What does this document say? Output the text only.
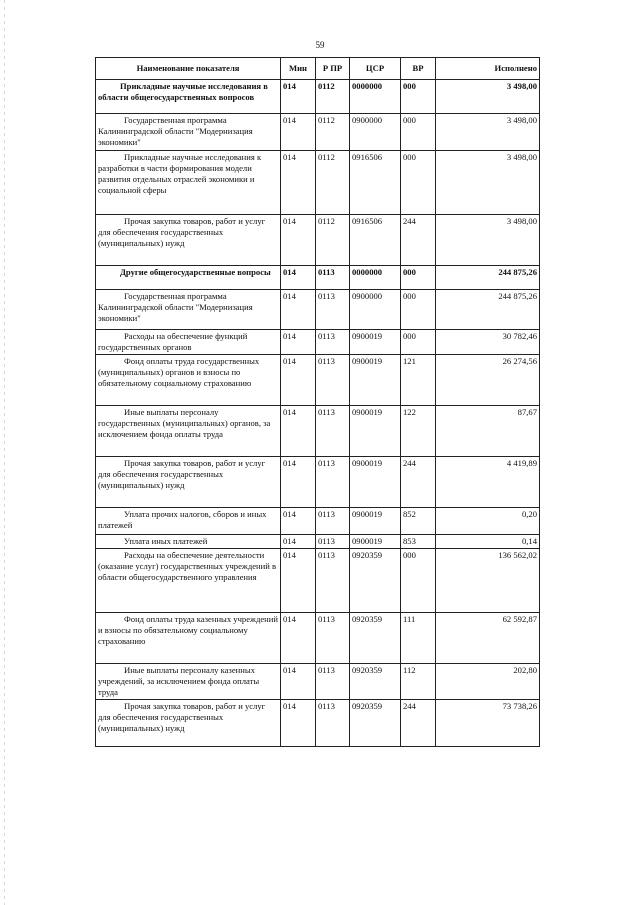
59
Наименование показателя	Мин	Р ПР	ЦСР	ВР	Исполнено
Прикладные научные исследования в области общегосударственных вопросов	014	0112	0000000	000	3 498,00
Государственная программа Калининградской области "Модернизация экономики"	014	0112	0900000	000	3 498,00
Прикладные научные исследования к разработки в части формирования модели развития отдельных отраслей экономики и социальной сферы	014	0112	0916506	000	3 498,00
Прочая закупка товаров, работ и услуг для обеспечения государственных (муниципальных) нужд	014	0112	0916506	244	3 498,00
Другие общегосударственные вопросы	014	0113	0000000	000	244 875,26
Государственная программа Калининградской области "Модернизация экономики"	014	0113	0900000	000	244 875,26
Расходы на обеспечение функций государственных органов	014	0113	0900019	000	30 782,46
Фонд оплаты труда государственных (муниципальных) органов и взносы по обязательному социальному страхованию	014	0113	0900019	121	26 274,56
Иные выплаты персоналу государственных (муниципальных) органов, за исключением фонда оплаты труда	014	0113	0900019	122	87,67
Прочая закупка товаров, работ и услуг для обеспечения государственных (муниципальных) нужд	014	0113	0900019	244	4 419,89
Уплата прочих налогов, сборов и иных платежей	014	0113	0900019	852	0,20
Уплата иных платежей	014	0113	0900019	853	0,14
Расходы на обеспечение деятельности (оказание услуг) государственных учреждений в области общегосударственного управления	014	0113	0920359	000	136 562,02
Фонд оплаты труда казенных учреждений и взносы по обязательному социальному страхованию	014	0113	0920359	111	62 592,87
Иные выплаты персоналу казенных учреждений, за исключением фонда оплаты труда	014	0113	0920359	112	202,80
Прочая закупка товаров, работ и услуг для обеспечения государственных (муниципальных) нужд	014	0113	0920359	244	73 738,26
